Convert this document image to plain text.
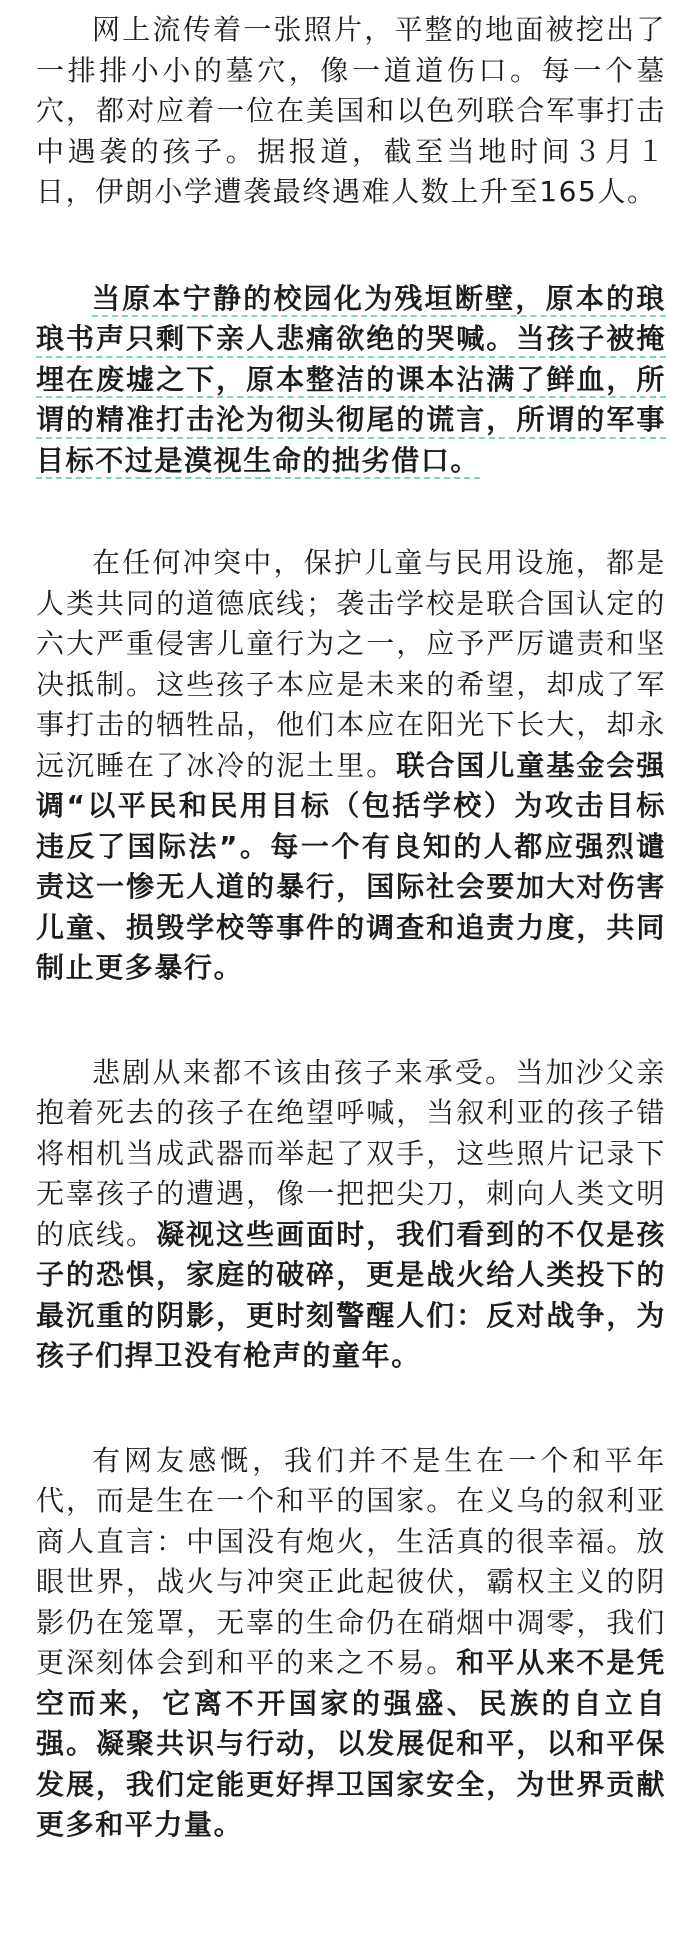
网上流传着一张照片，平整的地面被挖出了一排排小小的墓穴，像一道道伤口。每一个墓穴，都对应着一位在美国和以色列联合军事打击中遇袭的孩子。据报道，截至当地时间３月１日，伊朗小学遭袭最终遇难人数上升至165人。

当原本宁静的校园化为残垣断壁，原本的琅琅书声只剩下亲人悲痛欲绝的哭喊。当孩子被掩埋在废墟之下，原本整洁的课本沾满了鲜血，所谓的精准打击沦为彻头彻尾的谎言，所谓的军事目标不过是漠视生命的拙劣借口。

在任何冲突中，保护儿童与民用设施，都是人类共同的道德底线；袭击学校是联合国认定的六大严重侵害儿童行为之一，应予严厉谴责和坚决抵制。这些孩子本应是未来的希望，却成了军事打击的牺牲品，他们本应在阳光下长大，却永远沉睡在了冰冷的泥土里。联合国儿童基金会强调“以平民和民用目标（包括学校）为攻击目标违反了国际法”。每一个有良知的人都应强烈谴责这一惨无人道的暴行，国际社会要加大对伤害儿童、损毁学校等事件的调查和追责力度，共同制止更多暴行。

悲剧从来都不该由孩子来承受。当加沙父亲抱着死去的孩子在绝望呼喊，当叙利亚的孩子错将相机当成武器而举起了双手，这些照片记录下无辜孩子的遭遇，像一把把尖刀，刺向人类文明的底线。凝视这些画面时，我们看到的不仅是孩子的恐惧，家庭的破碎，更是战火给人类投下的最沉重的阴影，更时刻警醒人们：反对战争，为孩子们捍卫没有枪声的童年。

有网友感慨，我们并不是生在一个和平年代，而是生在一个和平的国家。在义乌的叙利亚商人直言：中国没有炮火，生活真的很幸福。放眼世界，战火与冲突正此起彼伏，霸权主义的阴影仍在笼罩，无辜的生命仍在硝烟中凋零，我们更深刻体会到和平的来之不易。和平从来不是凭空而来，它离不开国家的强盛、民族的自立自强。凝聚共识与行动，以发展促和平，以和平保发展，我们定能更好捍卫国家安全，为世界贡献更多和平力量。
